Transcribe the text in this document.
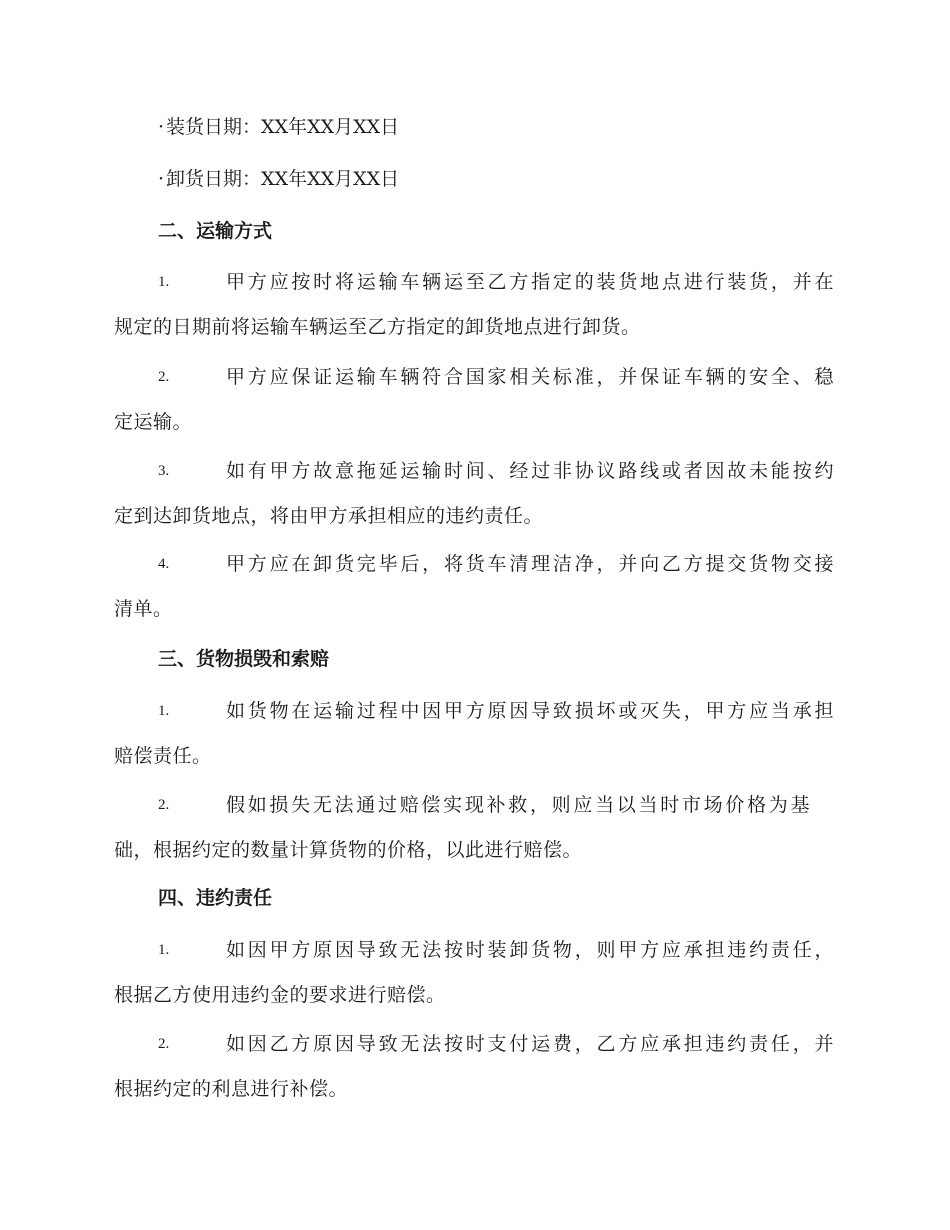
· 装货日期：XX年XX月XX日
· 卸货日期：XX年XX月XX日
二、运输方式
1.	甲方应按时将运输车辆运至乙方指定的装货地点进行装货，并在
规定的日期前将运输车辆运至乙方指定的卸货地点进行卸货。
2.	甲方应保证运输车辆符合国家相关标准，并保证车辆的安全、稳
定运输。
3.	如有甲方故意拖延运输时间、经过非协议路线或者因故未能按约
定到达卸货地点，将由甲方承担相应的违约责任。
4.	甲方应在卸货完毕后，将货车清理洁净，并向乙方提交货物交接
清单。
三、货物损毁和索赔
1.	如货物在运输过程中因甲方原因导致损坏或灭失，甲方应当承担
赔偿责任。
2.	假如损失无法通过赔偿实现补救，则应当以当时市场价格为基
础，根据约定的数量计算货物的价格，以此进行赔偿。
四、违约责任
1.	如因甲方原因导致无法按时装卸货物，则甲方应承担违约责任，
根据乙方使用违约金的要求进行赔偿。
2.	如因乙方原因导致无法按时支付运费，乙方应承担违约责任，并
根据约定的利息进行补偿。
